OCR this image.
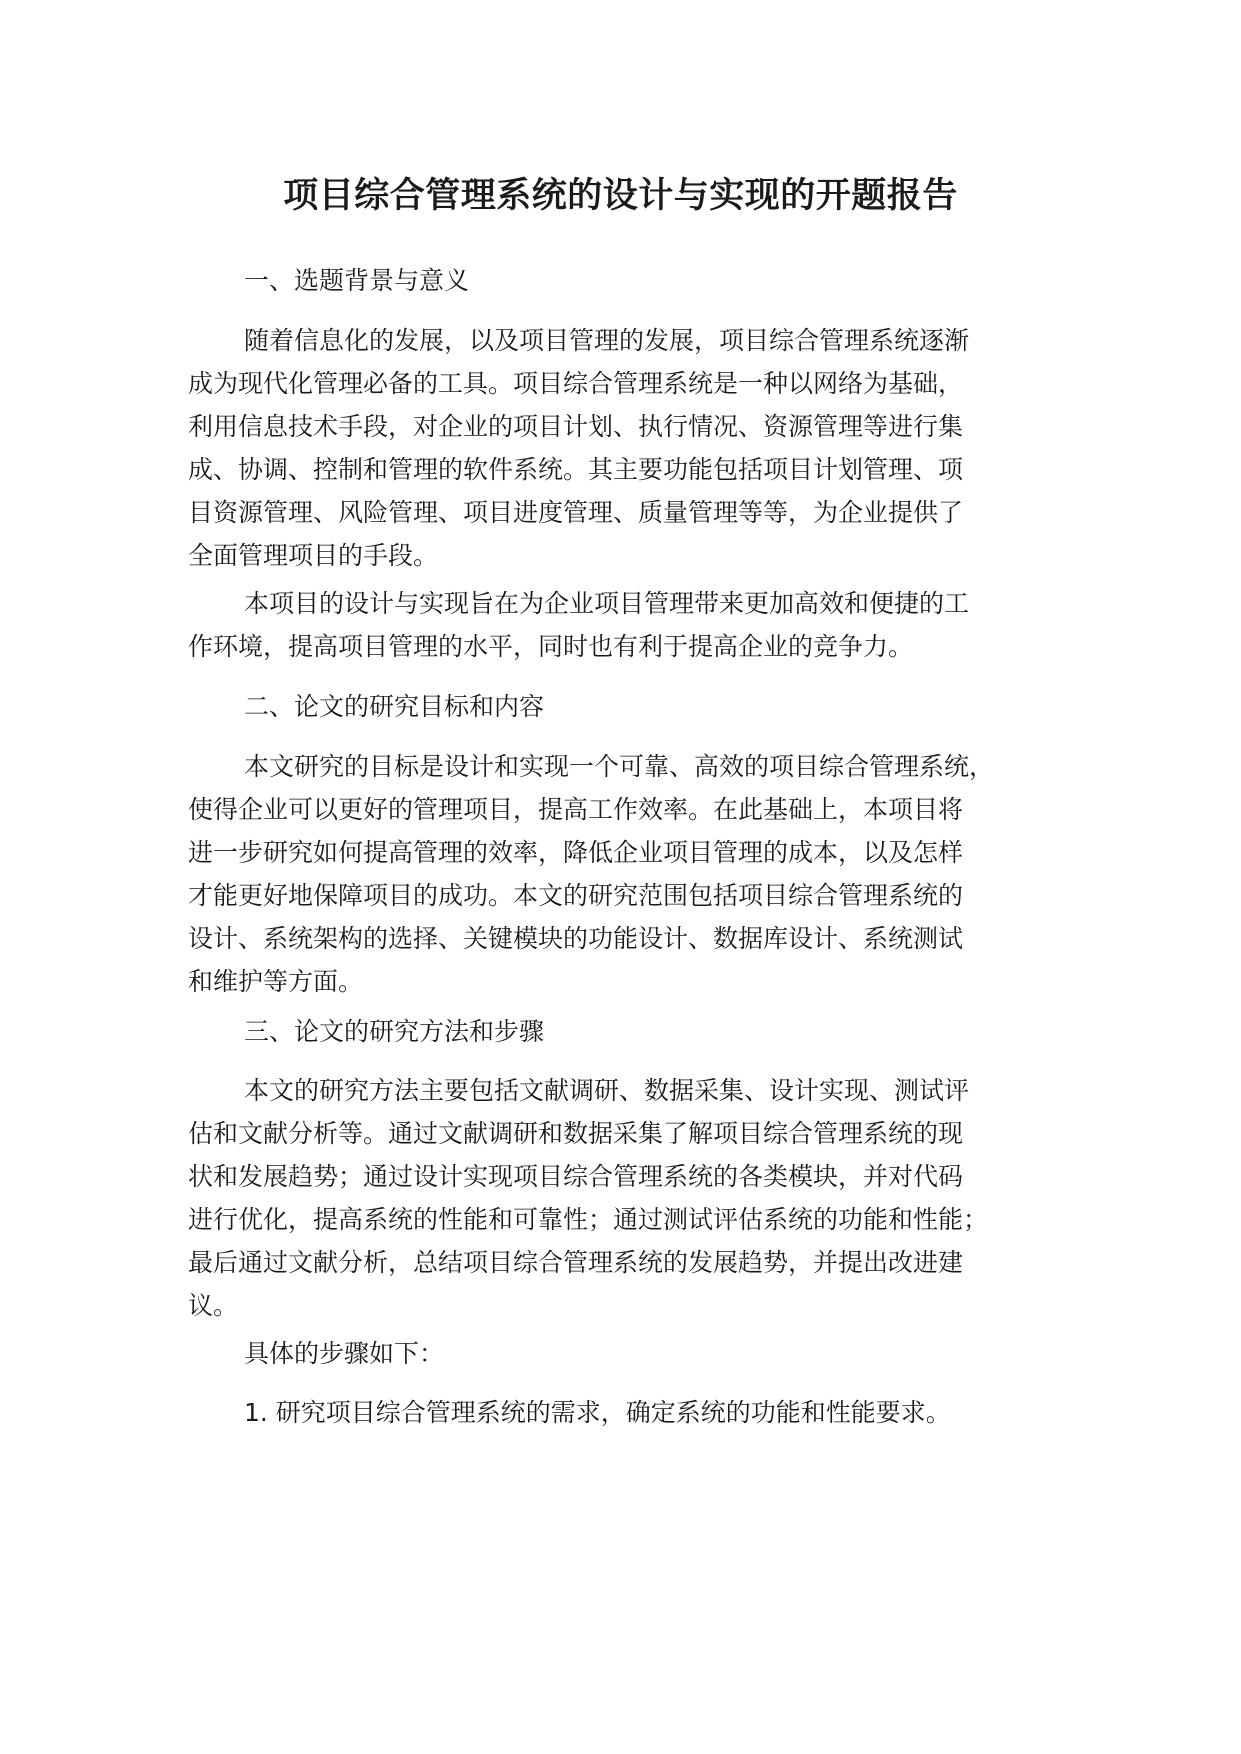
项目综合管理系统的设计与实现的开题报告
一、选题背景与意义
随着信息化的发展，以及项目管理的发展，项目综合管理系统逐渐
成为现代化管理必备的工具。项目综合管理系统是一种以网络为基础，
利用信息技术手段，对企业的项目计划、执行情况、资源管理等进行集
成、协调、控制和管理的软件系统。其主要功能包括项目计划管理、项
目资源管理、风险管理、项目进度管理、质量管理等等，为企业提供了
全面管理项目的手段。
本项目的设计与实现旨在为企业项目管理带来更加高效和便捷的工
作环境，提高项目管理的水平，同时也有利于提高企业的竞争力。
二、论文的研究目标和内容
本文研究的目标是设计和实现一个可靠、高效的项目综合管理系统，
使得企业可以更好的管理项目，提高工作效率。在此基础上，本项目将
进一步研究如何提高管理的效率，降低企业项目管理的成本，以及怎样
才能更好地保障项目的成功。本文的研究范围包括项目综合管理系统的
设计、系统架构的选择、关键模块的功能设计、数据库设计、系统测试
和维护等方面。
三、论文的研究方法和步骤
本文的研究方法主要包括文献调研、数据采集、设计实现、测试评
估和文献分析等。通过文献调研和数据采集了解项目综合管理系统的现
状和发展趋势；通过设计实现项目综合管理系统的各类模块，并对代码
进行优化，提高系统的性能和可靠性；通过测试评估系统的功能和性能；
最后通过文献分析，总结项目综合管理系统的发展趋势，并提出改进建
议。
具体的步骤如下：
1. 研究项目综合管理系统的需求，确定系统的功能和性能要求。
